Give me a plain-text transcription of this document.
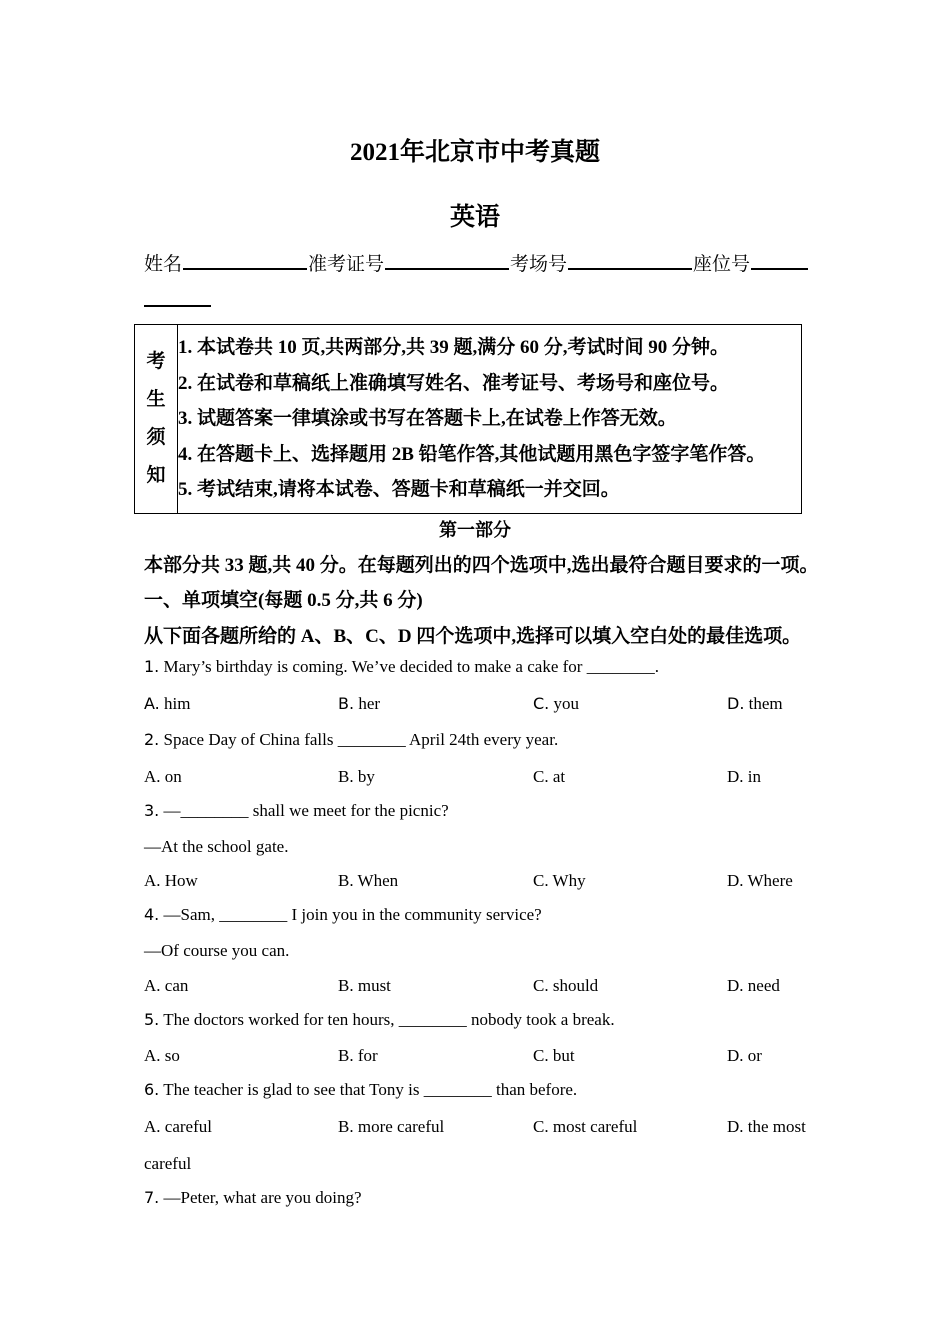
2021年北京市中考真题
英语
姓名	准考证号	考场号	座位号
考
生
须
知

1. 本试卷共 10 页,共两部分,共 39 题,满分 60 分,考试时间 90 分钟。
2. 在试卷和草稿纸上准确填写姓名、准考证号、考场号和座位号。
3. 试题答案一律填涂或书写在答题卡上,在试卷上作答无效。
4. 在答题卡上、选择题用 2B 铅笔作答,其他试题用黑色字签字笔作答。
5. 考试结束,请将本试卷、答题卡和草稿纸一并交回。
第一部分
本部分共 33 题,共 40 分。在每题列出的四个选项中,选出最符合题目要求的一项。
一、单项填空(每题 0.5 分,共 6 分)
从下面各题所给的 A、B、C、D 四个选项中,选择可以填入空白处的最佳选项。
1. Mary’s birthday is coming. We’ve decided to make a cake for ________.
A. him	B. her	C. you	D. them
2. Space Day of China falls ________ April 24th every year.
A. on	B. by	C. at	D. in
3. —________ shall we meet for the picnic?
—At the school gate.
A. How	B. When	C. Why	D. Where
4. —Sam, ________ I join you in the community service?
—Of course you can.
A. can	B. must	C. should	D. need
5. The doctors worked for ten hours, ________ nobody took a break.
A. so	B. for	C. but	D. or
6. The teacher is glad to see that Tony is ________ than before.
A. careful	B. more careful	C. most careful	D. the most
careful
7. —Peter, what are you doing?
